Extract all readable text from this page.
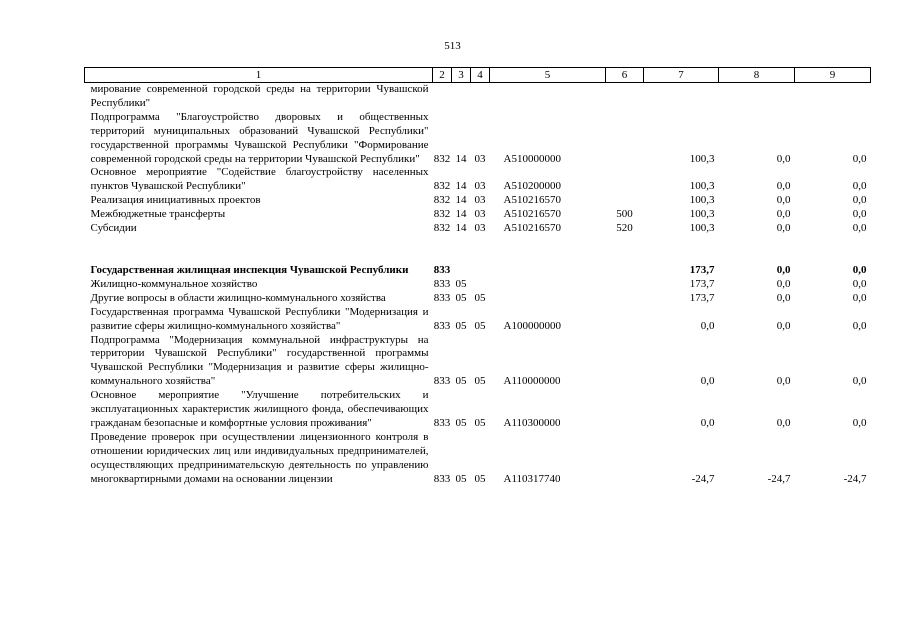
513
1	2	3	4	5	6	7	8	9
мирование современной городской среды на территории Чувашской Республики"								
Подпрограмма "Благоустройство дворовых и общественных территорий муниципальных образований Чувашской Республики" государственной программы Чувашской Республики "Формирование современной городской среды на территории Чувашской Республики"	832	14	03	А510000000		100,3	0,0	0,0
Основное мероприятие "Содействие благоустройству населенных пунктов Чувашской Республики"	832	14	03	А510200000		100,3	0,0	0,0
Реализация инициативных проектов	832	14	03	А510216570		100,3	0,0	0,0
Межбюджетные трансферты	832	14	03	А510216570	500	100,3	0,0	0,0
Субсидии	832	14	03	А510216570	520	100,3	0,0	0,0

Государственная жилищная инспекция Чувашской Республики	833					173,7	0,0	0,0
Жилищно-коммунальное хозяйство	833	05				173,7	0,0	0,0
Другие вопросы в области жилищно-коммунального хозяйства	833	05	05			173,7	0,0	0,0
Государственная программа Чувашской Республики "Модернизация и развитие сферы жилищно-коммунального хозяйства"	833	05	05	А100000000		0,0	0,0	0,0
Подпрограмма "Модернизация коммунальной инфраструктуры на территории Чувашской Республики" государственной программы Чувашской Республики "Модернизация и развитие сферы жилищно-коммунального хозяйства"	833	05	05	А110000000		0,0	0,0	0,0
Основное мероприятие "Улучшение потребительских и эксплуатационных характеристик жилищного фонда, обеспечивающих гражданам безопасные и комфортные условия проживания"	833	05	05	А110300000		0,0	0,0	0,0
Проведение проверок при осуществлении лицензионного контроля в отношении юридических лиц или индивидуальных предпринимателей, осуществляющих предпринимательскую деятельность по управлению многоквартирными домами на основании лицензии	833	05	05	А110317740		-24,7	-24,7	-24,7
